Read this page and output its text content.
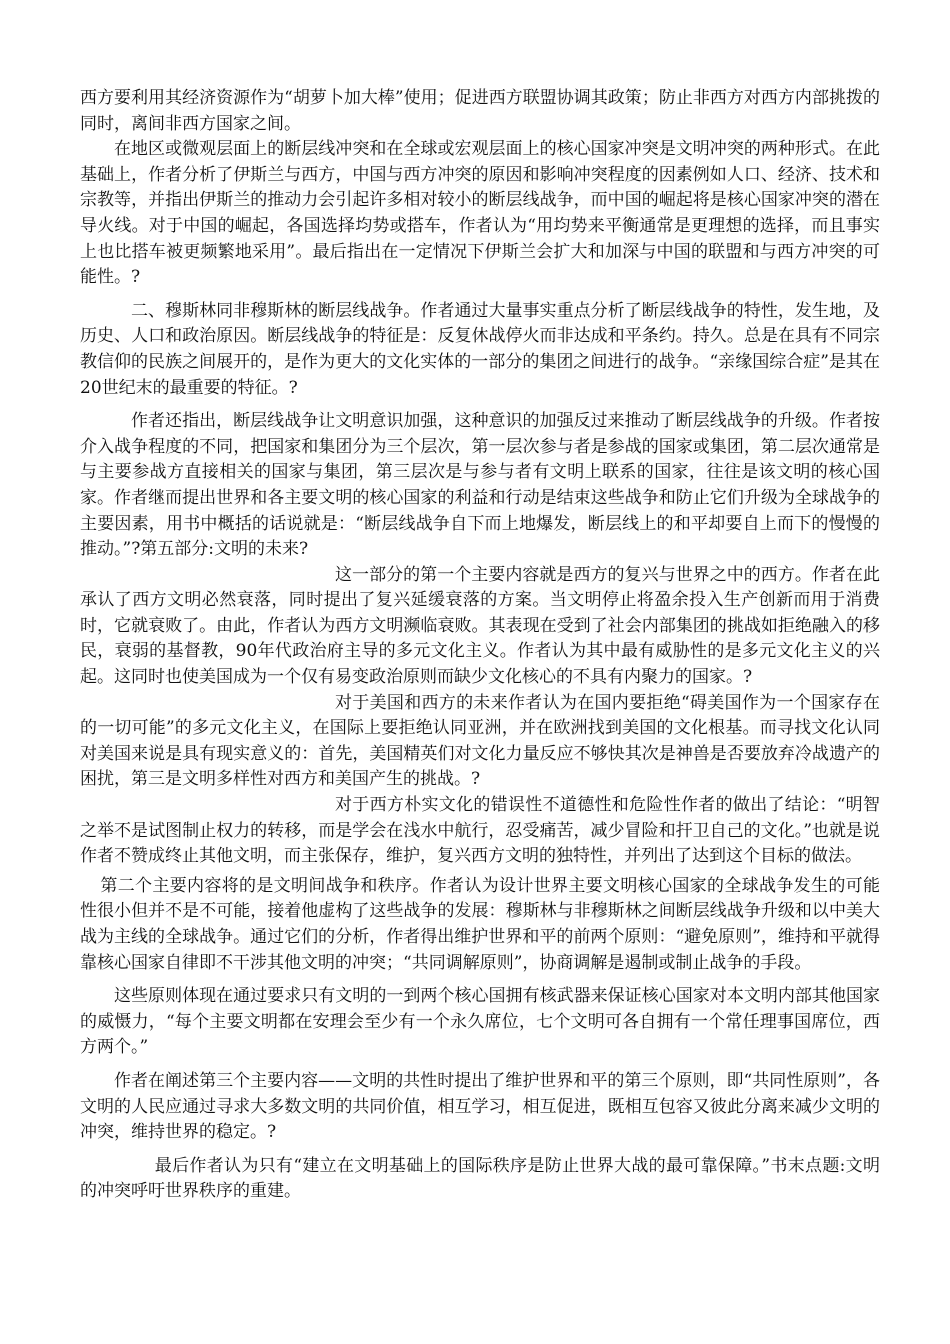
西方要利用其经济资源作为“胡萝卜加大棒”使用；促进西方联盟协调其政策；防止非西方对西方内部挑拨的同时，离间非西方国家之间。

在地区或微观层面上的断层线冲突和在全球或宏观层面上的核心国家冲突是文明冲突的两种形式。在此基础上，作者分析了伊斯兰与西方，中国与西方冲突的原因和影响冲突程度的因素例如人口、经济、技术和宗教等，并指出伊斯兰的推动力会引起许多相对较小的断层线战争，而中国的崛起将是核心国家冲突的潜在导火线。对于中国的崛起，各国选择均势或搭车，作者认为“用均势来平衡通常是更理想的选择，而且事实上也比搭车被更频繁地采用”。最后指出在一定情况下伊斯兰会扩大和加深与中国的联盟和与西方冲突的可能性。?

二、穆斯林同非穆斯林的断层线战争。作者通过大量事实重点分析了断层线战争的特性，发生地，及历史、人口和政治原因。断层线战争的特征是：反复休战停火而非达成和平条约。持久。总是在具有不同宗教信仰的民族之间展开的，是作为更大的文化实体的一部分的集团之间进行的战争。“亲缘国综合症”是其在20世纪末的最重要的特征。?

作者还指出，断层线战争让文明意识加强，这种意识的加强反过来推动了断层线战争的升级。作者按介入战争程度的不同，把国家和集团分为三个层次，第一层次参与者是参战的国家或集团，第二层次通常是与主要参战方直接相关的国家与集团，第三层次是与参与者有文明上联系的国家，往往是该文明的核心国家。作者继而提出世界和各主要文明的核心国家的利益和行动是结束这些战争和防止它们升级为全球战争的主要因素，用书中概括的话说就是：“断层线战争自下而上地爆发，断层线上的和平却要自上而下的慢慢的推动。”?第五部分:文明的未来?

这一部分的第一个主要内容就是西方的复兴与世界之中的西方。作者在此承认了西方文明必然衰落，同时提出了复兴延缓衰落的方案。当文明停止将盈余投入生产创新而用于消费时，它就衰败了。由此，作者认为西方文明濒临衰败。其表现在受到了社会内部集团的挑战如拒绝融入的移民，衰弱的基督教，90年代政治府主导的多元文化主义。作者认为其中最有威胁性的是多元文化主义的兴起。这同时也使美国成为一个仅有易变政治原则而缺少文化核心的不具有内聚力的国家。?

对于美国和西方的未来作者认为在国内要拒绝“碍美国作为一个国家存在的一切可能”的多元文化主义，在国际上要拒绝认同亚洲，并在欧洲找到美国的文化根基。而寻找文化认同对美国来说是具有现实意义的：首先，美国精英们对文化力量反应不够快其次是神兽是否要放弃冷战遗产的困扰，第三是文明多样性对西方和美国产生的挑战。?

对于西方朴实文化的错误性不道德性和危险性作者的做出了结论：“明智之举不是试图制止权力的转移，而是学会在浅水中航行，忍受痛苦，减少冒险和扞卫自己的文化。”也就是说作者不赞成终止其他文明，而主张保存，维护，复兴西方文明的独特性，并列出了达到这个目标的做法。

第二个主要内容将的是文明间战争和秩序。作者认为设计世界主要文明核心国家的全球战争发生的可能性很小但并不是不可能，接着他虚构了这些战争的发展：穆斯林与非穆斯林之间断层线战争升级和以中美大战为主线的全球战争。通过它们的分析，作者得出维护世界和平的前两个原则：“避免原则”，维持和平就得靠核心国家自律即不干涉其他文明的冲突；“共同调解原则”，协商调解是遏制或制止战争的手段。

这些原则体现在通过要求只有文明的一到两个核心国拥有核武器来保证核心国家对本文明内部其他国家的威慑力，“每个主要文明都在安理会至少有一个永久席位，七个文明可各自拥有一个常任理事国席位，西方两个。”

作者在阐述第三个主要内容——文明的共性时提出了维护世界和平的第三个原则，即“共同性原则”，各文明的人民应通过寻求大多数文明的共同价值，相互学习，相互促进，既相互包容又彼此分离来减少文明的冲突，维持世界的稳定。?

最后作者认为只有“建立在文明基础上的国际秩序是防止世界大战的最可靠保障。”书末点题:文明的冲突呼吁世界秩序的重建。
